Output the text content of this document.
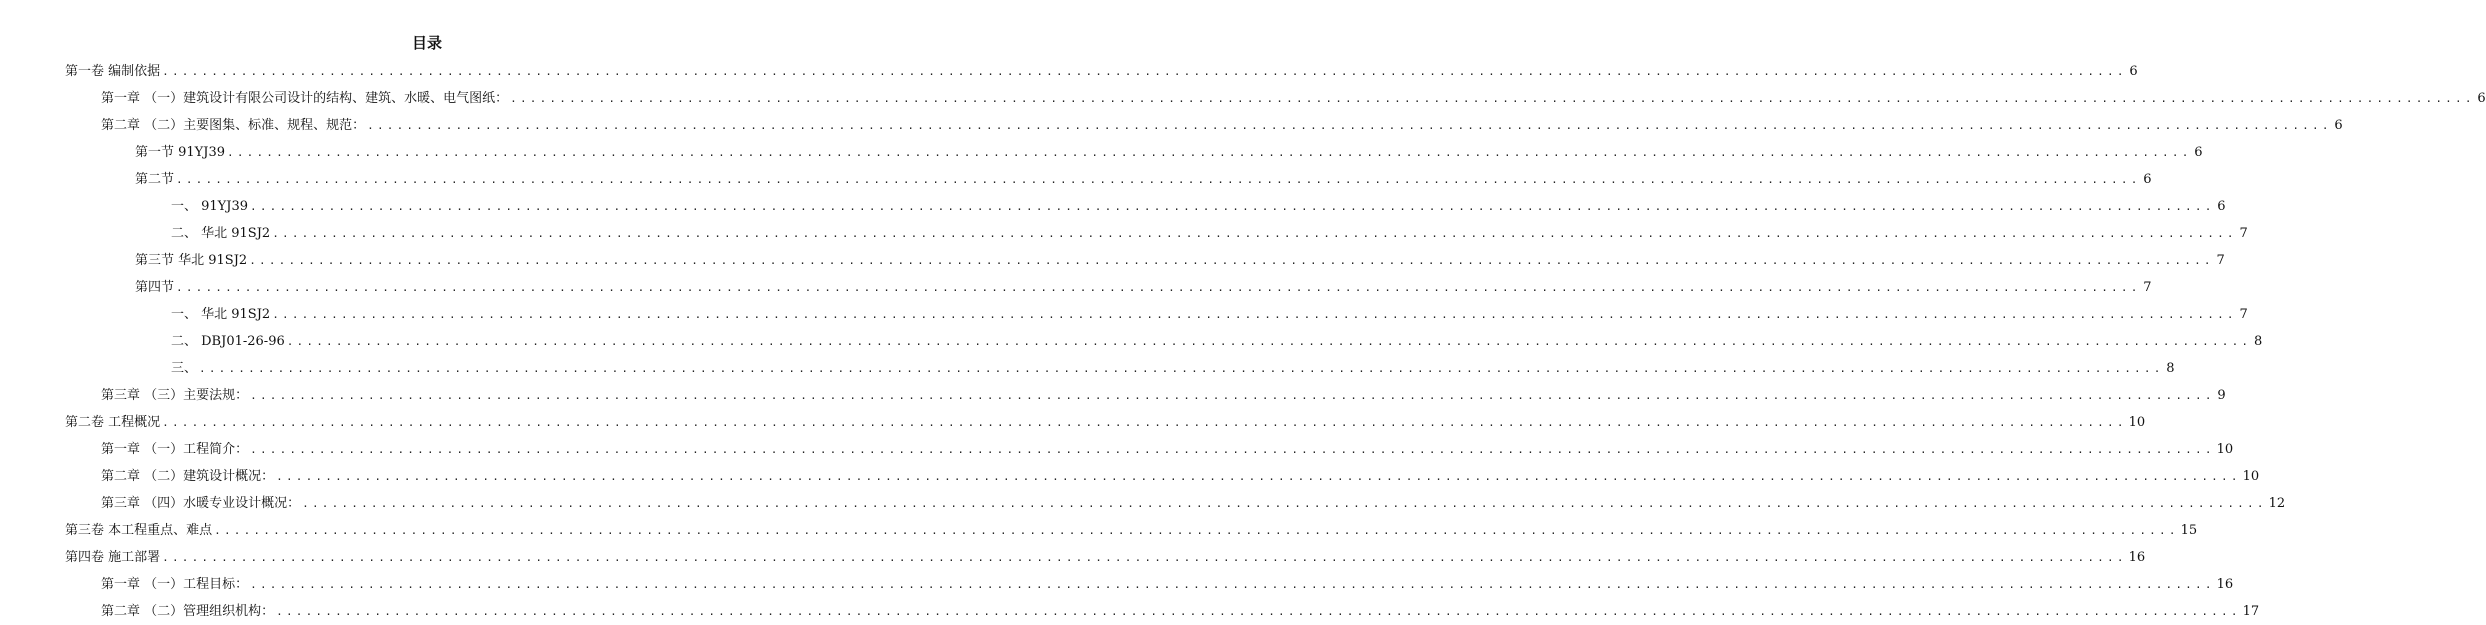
目录
第一卷 编制依据 ........................................................................................................................................................................................................ 6
第一章 （一）建筑设计有限公司设计的结构、建筑、水暖、电气图纸： ........................................................................................................................................................................................................ 6
第二章 （二）主要图集、标准、规程、规范： ........................................................................................................................................................................................................ 6
第一节 91YJ39 ........................................................................................................................................................................................................ 6
第二节 ........................................................................................................................................................................................................ 6
一、 91YJ39 ........................................................................................................................................................................................................ 6
二、 华北 91SJ2 ........................................................................................................................................................................................................ 7
第三节 华北 91SJ2 ........................................................................................................................................................................................................ 7
第四节 ........................................................................................................................................................................................................ 7
一、 华北 91SJ2 ........................................................................................................................................................................................................ 7
二、 DBJ01-26-96 ........................................................................................................................................................................................................ 8
三、 ........................................................................................................................................................................................................ 8
第三章 （三）主要法规： ........................................................................................................................................................................................................ 9
第二卷 工程概况 ........................................................................................................................................................................................................ 10
第一章 （一）工程简介： ........................................................................................................................................................................................................ 10
第二章 （二）建筑设计概况： ........................................................................................................................................................................................................ 10
第三章 （四）水暖专业设计概况： ........................................................................................................................................................................................................ 12
第三卷 本工程重点、难点 ........................................................................................................................................................................................................ 15
第四卷 施工部署 ........................................................................................................................................................................................................ 16
第一章 （一）工程目标： ........................................................................................................................................................................................................ 16
第二章 （二）管理组织机构： ........................................................................................................................................................................................................ 17
